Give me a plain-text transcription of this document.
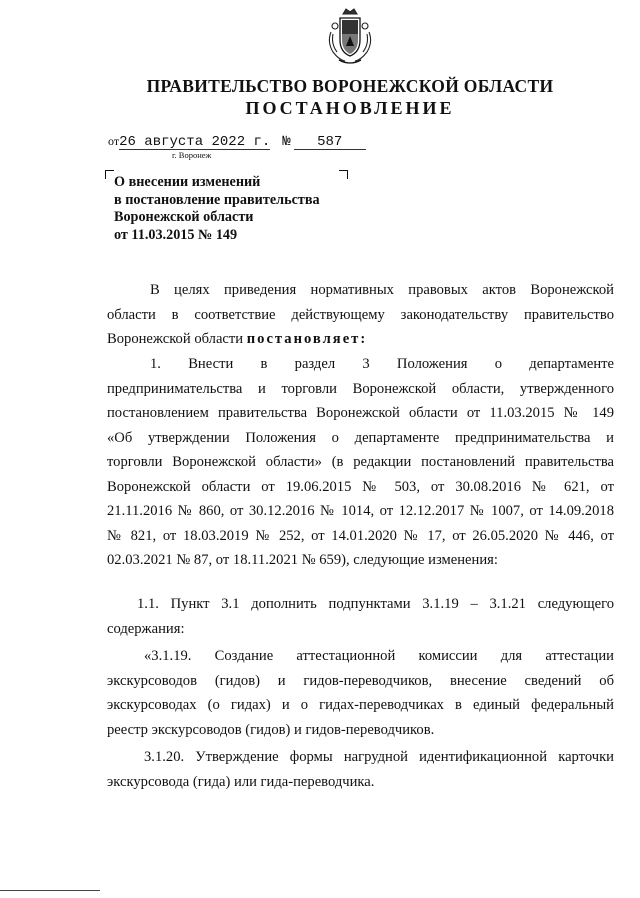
ПРАВИТЕЛЬСТВО ВОРОНЕЖСКОЙ ОБЛАСТИ
ПОСТАНОВЛЕНИЕ
от26 августа 2022 г. № 587
г. Воронеж
О внесении изменений
в постановление правительства
Воронежской области
от 11.03.2015 № 149
В целях приведения нормативных правовых актов Воронежской
области в соответствие действующему законодательству правительство
Воронежской области постановляет:
1. Внести в раздел 3 Положения о департаменте
предпринимательства и торговли Воронежской области, утвержденного
постановлением правительства Воронежской области от 11.03.2015 № 149
«Об утверждении Положения о департаменте предпринимательства и
торговли Воронежской области» (в редакции постановлений правительства
Воронежской области от 19.06.2015 № 503, от 30.08.2016 № 621, от
21.11.2016 № 860, от 30.12.2016 № 1014, от 12.12.2017 № 1007, от 14.09.2018
№ 821, от 18.03.2019 № 252, от 14.01.2020 № 17, от 26.05.2020 № 446, от
02.03.2021 № 87, от 18.11.2021 № 659), следующие изменения:
1.1. Пункт 3.1 дополнить подпунктами 3.1.19 – 3.1.21 следующего
содержания:
«3.1.19. Создание аттестационной комиссии для аттестации
экскурсоводов (гидов) и гидов-переводчиков, внесение сведений об
экскурсоводах (о гидах) и о гидах-переводчиках в единый федеральный
реестр экскурсоводов (гидов) и гидов-переводчиков.
3.1.20. Утверждение формы нагрудной идентификационной карточки
экскурсовода (гида) или гида-переводчика.
